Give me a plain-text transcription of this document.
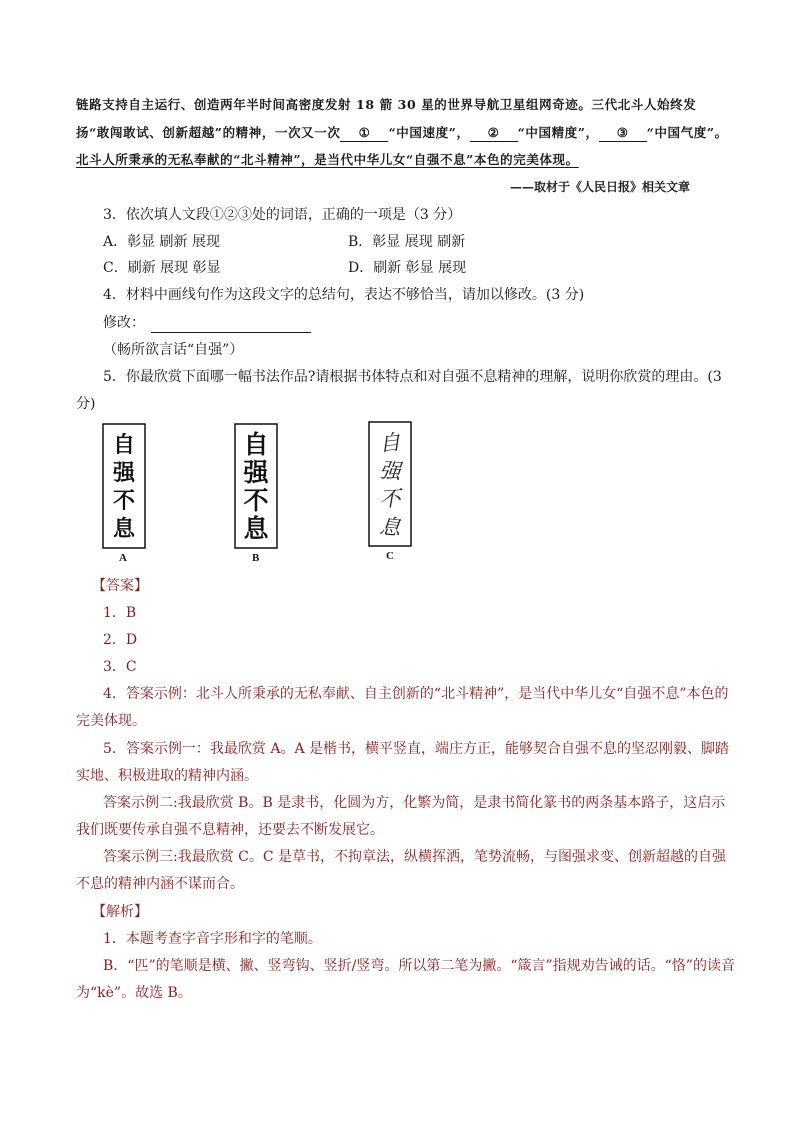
链路支持自主运行、创造两年半时间高密度发射 18 箭 30 星的世界导航卫星组网奇迹。三代北斗人始终发
扬“敢闯敢试、创新超越”的精神，一次又一次 ① “中国速度”， ② “中国精度”， ③ “中国气度”。
北斗人所秉承的无私奉献的“北斗精神”，是当代中华儿女“自强不息”本色的完美体现。
——取材于《人民日报》相关文章
3．依次填人文段①②③处的词语，正确的一项是（3 分）
A．彰显 刷新 展现	B．彰显 展现 刷新
C．刷新 展现 彰显	D．刷新 彰显 展现
4．材料中画线句作为这段文字的总结句，表达不够恰当，请加以修改。(3 分)
修改：
（畅所欲言话“自强”）
5．你最欣赏下面哪一幅书法作品?请根据书体特点和对自强不息精神的理解，说明你欣赏的理由。(3
分)
自
强
不
息
A
自
强
不
息
B
自
强
不
息
C
【答案】
1．B
2．D
3．C
4．答案示例：北斗人所秉承的无私奉献、自主创新的“北斗精神”，是当代中华儿女“自强不息”本色的
完美体现。
5．答案示例一：我最欣赏 A。A 是楷书，横平竖直，端庄方正，能够契合自强不息的坚忍刚毅、脚踏
实地、积极进取的精神内涵。
答案示例二:我最欣赏 B。B 是隶书，化圆为方，化繁为简，是隶书简化篆书的两条基本路子，这启示
我们既要传承自强不息精神，还要去不断发展它。
答案示例三:我最欣赏 C。C 是草书，不拘章法，纵横挥洒，笔势流畅，与图强求变、创新超越的自强
不息的精神内涵不谋而合。
【解析】
1．本题考查字音字形和字的笔顺。
B．“匹”的笔顺是横、撇、竖弯钩、竖折/竖弯。所以第二笔为撇。“箴言”指规劝告诫的话。“恪”的读音
为“kè”。故选 B。
